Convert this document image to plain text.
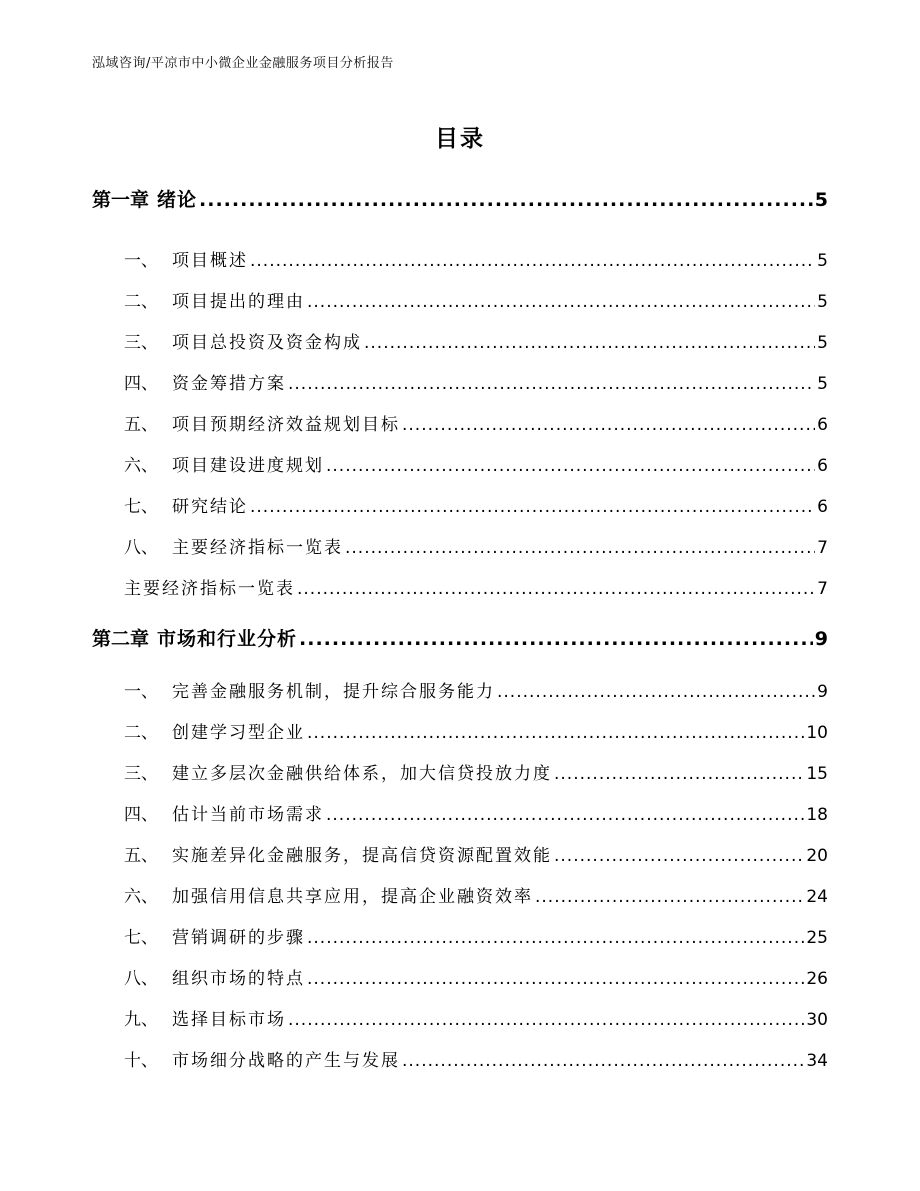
泓域咨询/平凉市中小微企业金融服务项目分析报告
目录
第一章 绪论 .....	5
一、 项目概述 .....	5
二、 项目提出的理由 .....	5
三、 项目总投资及资金构成 .....	5
四、 资金筹措方案 .....	5
五、 项目预期经济效益规划目标 .....	6
六、 项目建设进度规划 .....	6
七、 研究结论 .....	6
八、 主要经济指标一览表 .....	7
主要经济指标一览表 .....	7
第二章 市场和行业分析 .....	9
一、 完善金融服务机制，提升综合服务能力 .....	9
二、 创建学习型企业 .....	10
三、 建立多层次金融供给体系，加大信贷投放力度 .....	15
四、 估计当前市场需求 .....	18
五、 实施差异化金融服务，提高信贷资源配置效能 .....	20
六、 加强信用信息共享应用，提高企业融资效率 .....	24
七、 营销调研的步骤 .....	25
八、 组织市场的特点 .....	26
九、 选择目标市场 .....	30
十、 市场细分战略的产生与发展 .....	34
